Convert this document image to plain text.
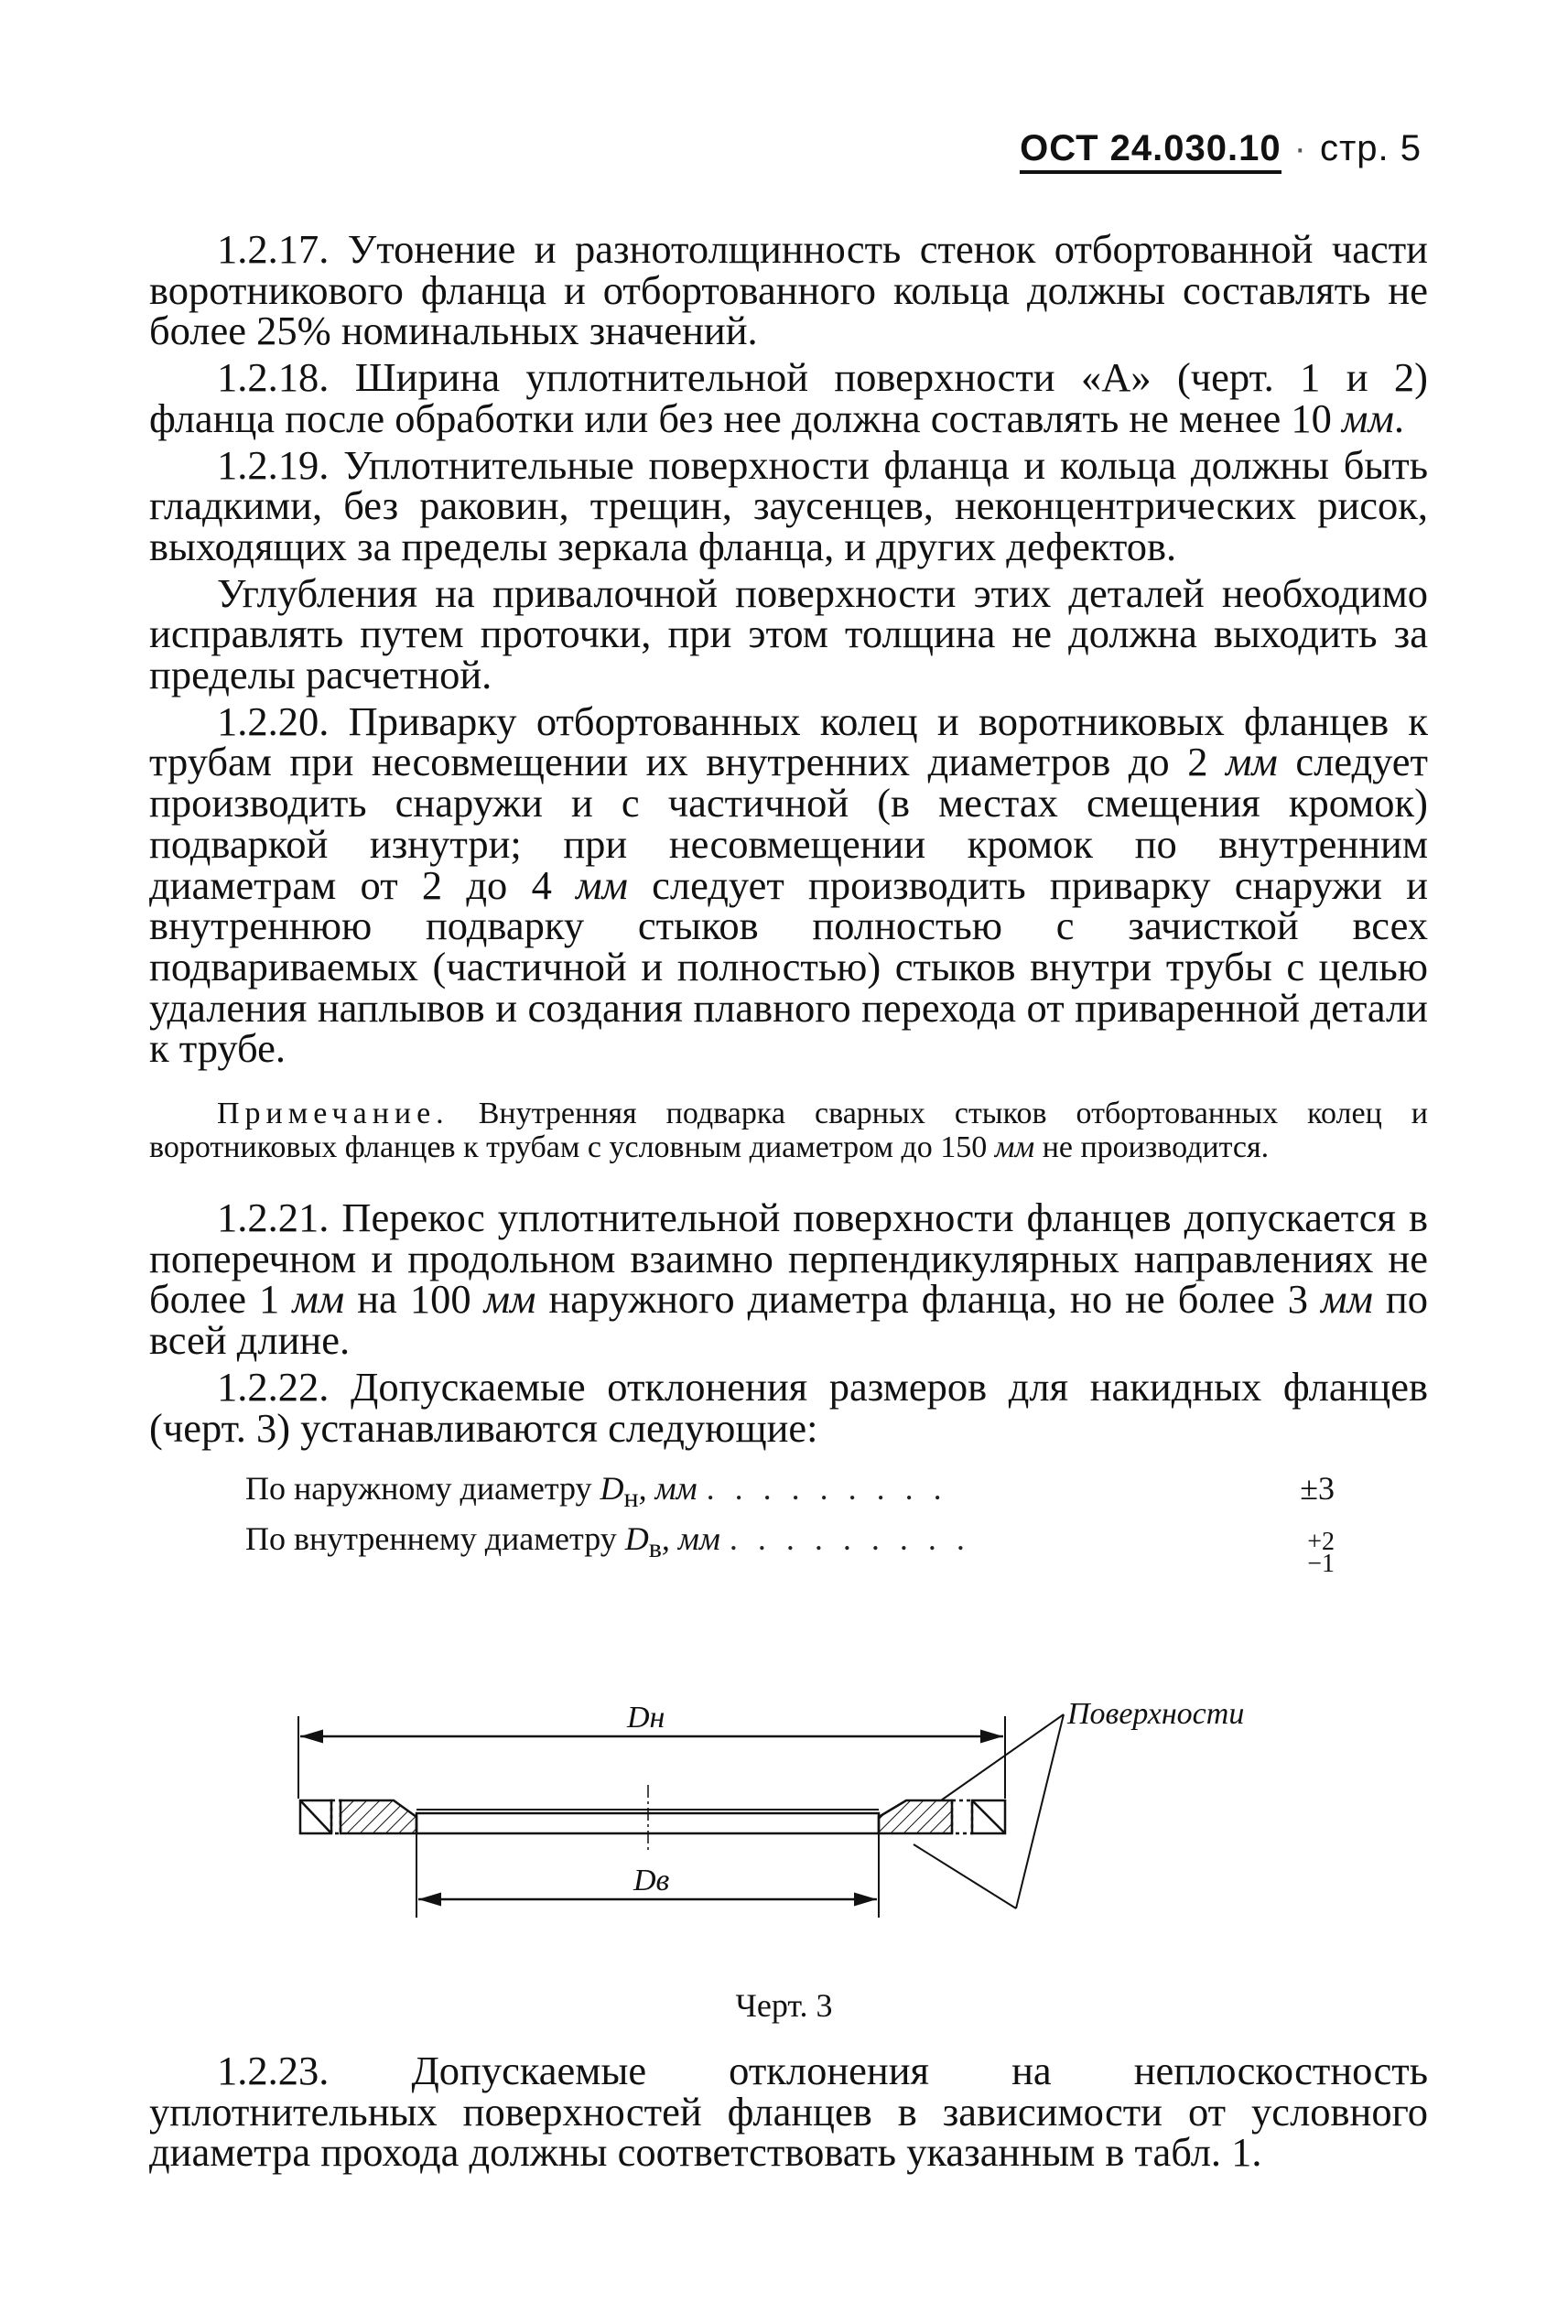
ОСТ 24.030.10 · стр. 5

1.2.17. Утонение и разнотолщинность стенок отбортованной части воротникового фланца и отбортованного кольца должны составлять не более 25% номинальных значений.

1.2.18. Ширина уплотнительной поверхности «А» (черт. 1 и 2) фланца после обработки или без нее должна составлять не менее 10 мм.

1.2.19. Уплотнительные поверхности фланца и кольца должны быть гладкими, без раковин, трещин, заусенцев, неконцентрических рисок, выходящих за пределы зеркала фланца, и других дефектов.

Углубления на привалочной поверхности этих деталей необходимо исправлять путем проточки, при этом толщина не должна выходить за пределы расчетной.

1.2.20. Приварку отбортованных колец и воротниковых фланцев к трубам при несовмещении их внутренних диаметров до 2 мм следует производить снаружи и с частичной (в местах смещения кромок) подваркой изнутри; при несовмещении кромок по внутренним диаметрам от 2 до 4 мм следует производить приварку снаружи и внутреннюю подварку стыков полностью с зачисткой всех подвариваемых (частичной и полностью) стыков внутри трубы с целью удаления наплывов и создания плавного перехода от приваренной детали к трубе.

Примечание. Внутренняя подварка сварных стыков отбортованных колец и воротниковых фланцев к трубам с условным диаметром до 150 мм не производится.

1.2.21. Перекос уплотнительной поверхности фланцев допускается в поперечном и продольном взаимно перпендикулярных направлениях не более 1 мм на 100 мм наружного диаметра фланца, но не более 3 мм по всей длине.

1.2.22. Допускаемые отклонения размеров для накидных фланцев (черт. 3) устанавливаются следующие:

По наружному диаметру $D_н$, мм .........	±3
По внутреннему диаметру $D_в$, мм .........	+2
−1
Dн
Dв
Поверхности
Черт. 3

1.2.23. Допускаемые отклонения на неплоскостность уплотнительных поверхностей фланцев в зависимости от условного диаметра прохода должны соответствовать указанным в табл. 1.
